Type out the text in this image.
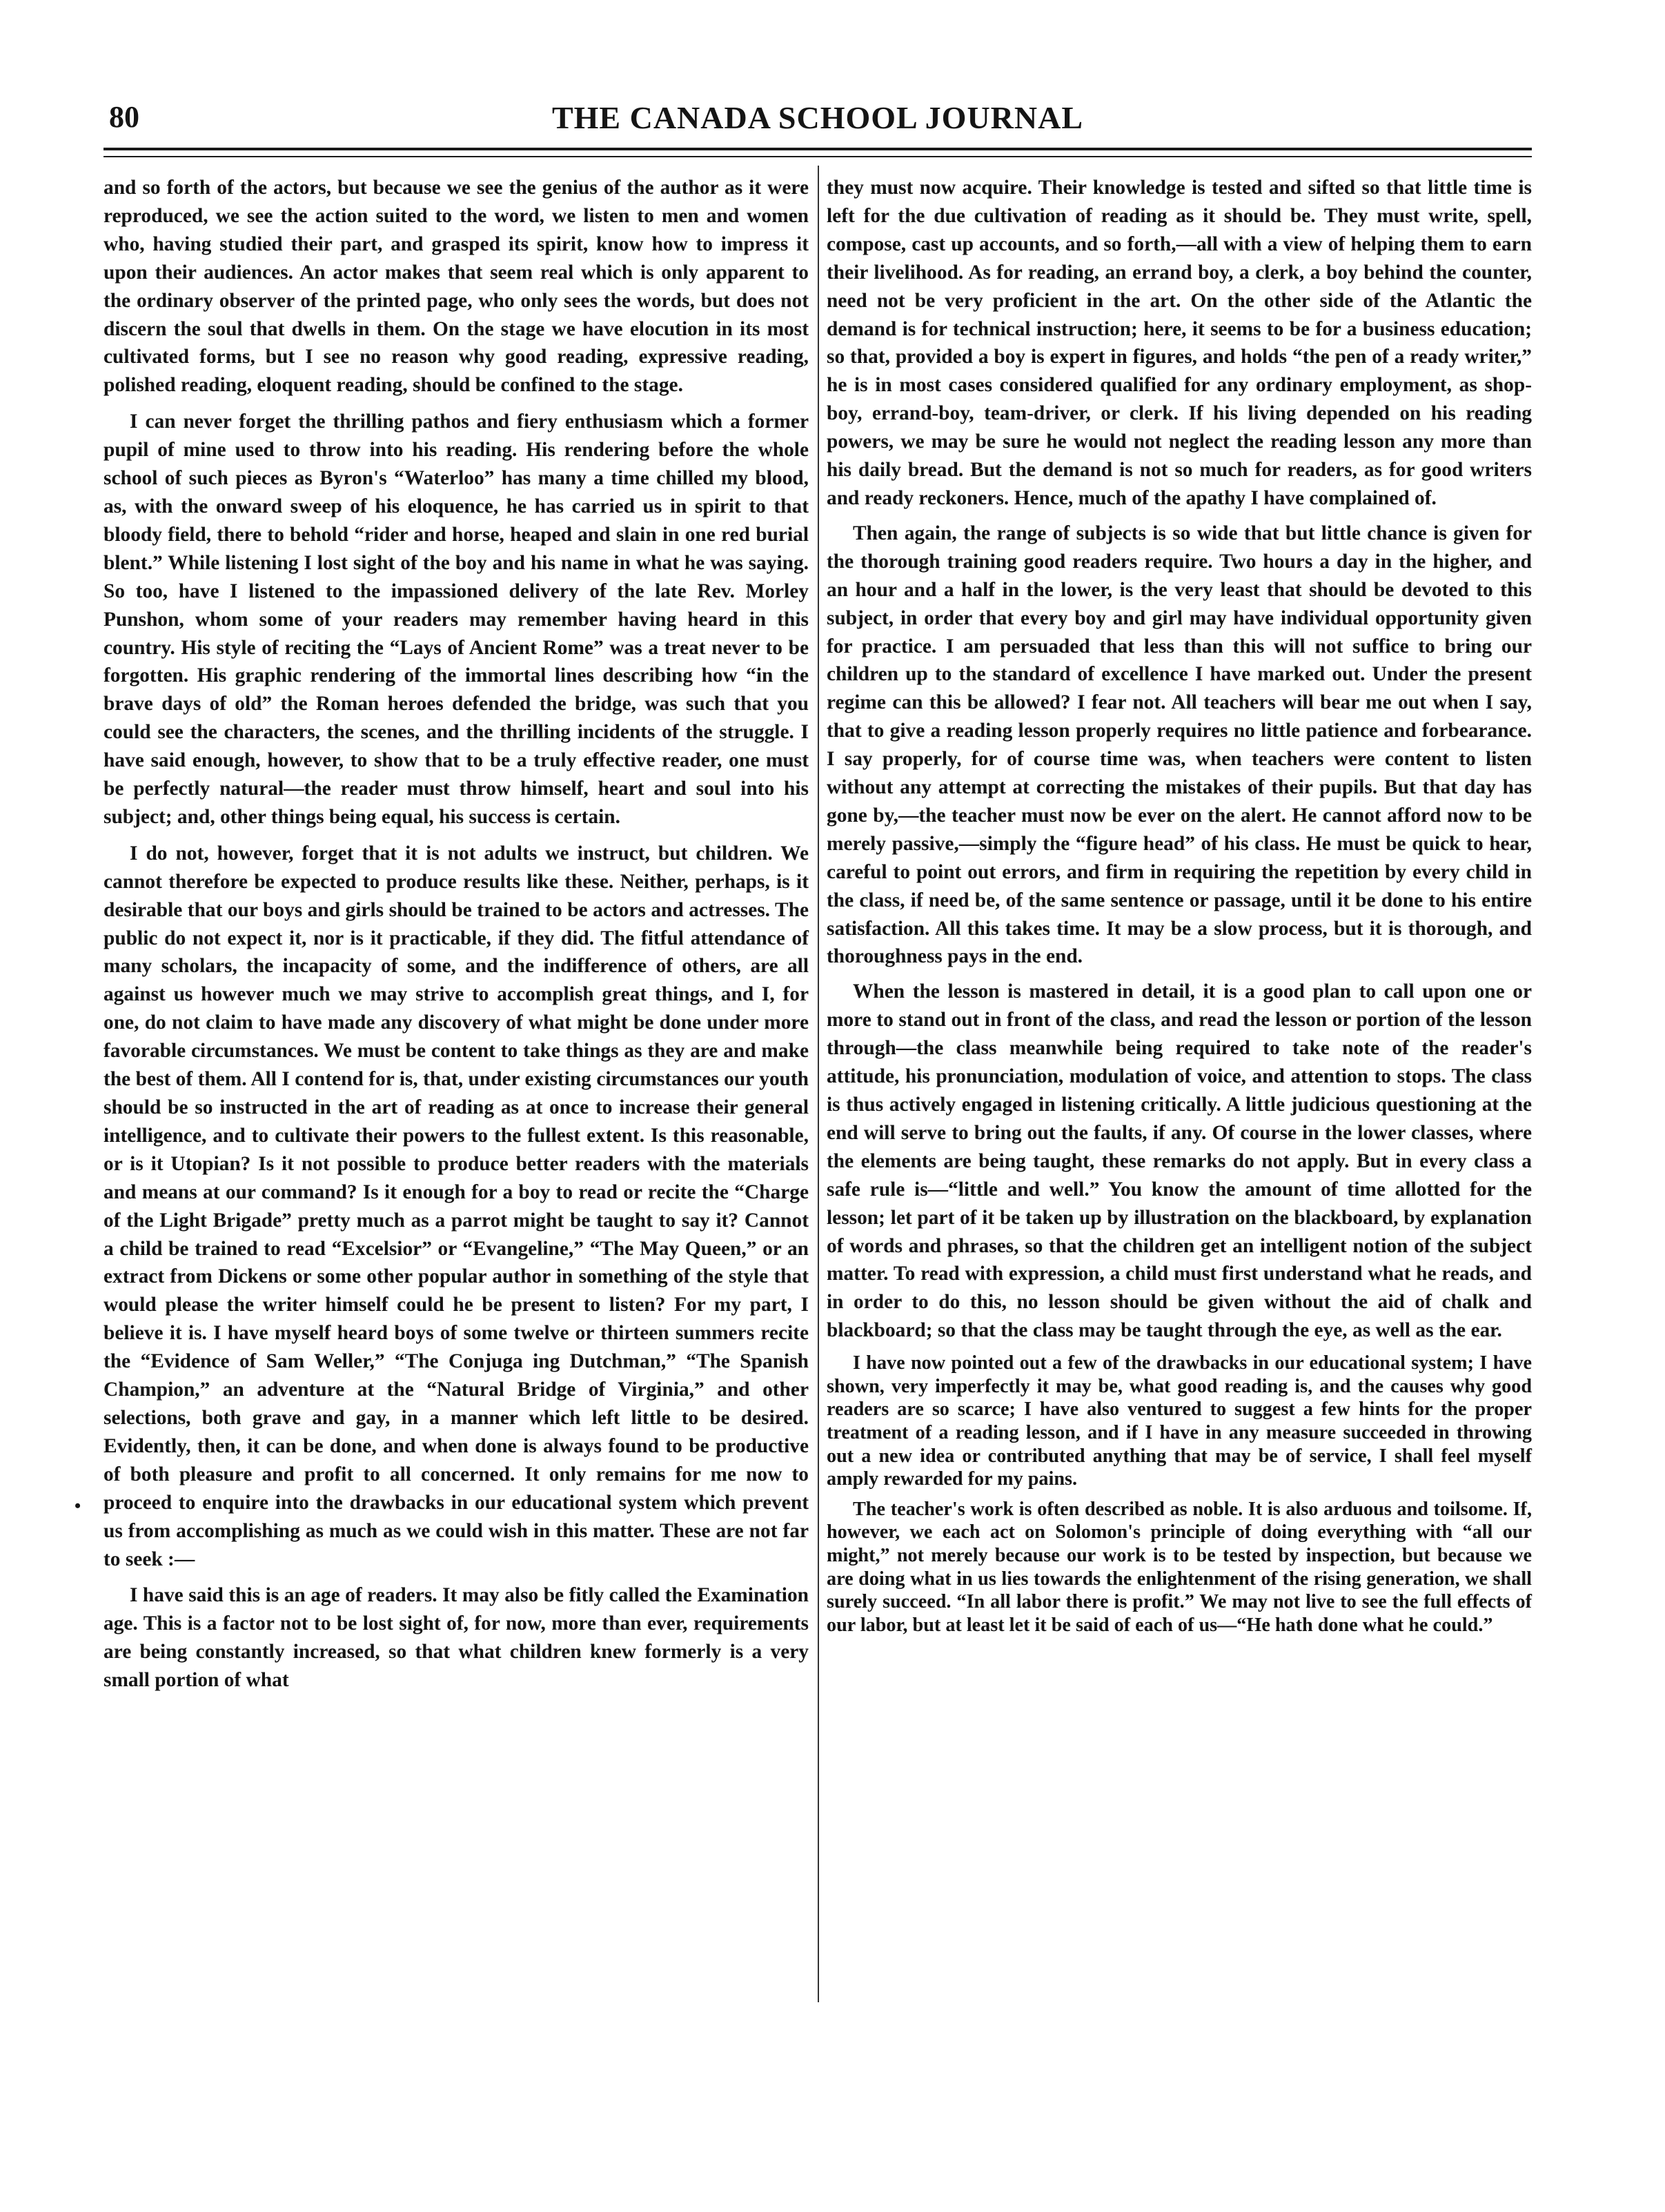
80	THE CANADA SCHOOL JOURNAL

and so forth of the actors, but because we see the genius of the author as it were reproduced, we see the action suited to the word, we listen to men and women who, having studied their part, and grasped its spirit, know how to impress it upon their audiences. An actor makes that seem real which is only apparent to the ordinary observer of the printed page, who only sees the words, but does not discern the soul that dwells in them. On the stage we have elocution in its most cultivated forms, but I see no reason why good reading, expressive reading, polished reading, eloquent reading, should be confined to the stage.

I can never forget the thrilling pathos and fiery enthusiasm which a former pupil of mine used to throw into his reading. His rendering before the whole school of such pieces as Byron's “Waterloo” has many a time chilled my blood, as, with the onward sweep of his eloquence, he has carried us in spirit to that bloody field, there to behold “rider and horse, heaped and slain in one red burial blent.” While listening I lost sight of the boy and his name in what he was saying. So too, have I listened to the impassioned delivery of the late Rev. Morley Punshon, whom some of your readers may remember having heard in this country. His style of reciting the “Lays of Ancient Rome” was a treat never to be forgotten. His graphic rendering of the immortal lines describing how “in the brave days of old” the Roman heroes defended the bridge, was such that you could see the characters, the scenes, and the thrilling incidents of the struggle. I have said enough, however, to show that to be a truly effective reader, one must be perfectly natural—the reader must throw himself, heart and soul into his subject; and, other things being equal, his success is certain.

I do not, however, forget that it is not adults we instruct, but children. We cannot therefore be expected to produce results like these. Neither, perhaps, is it desirable that our boys and girls should be trained to be actors and actresses. The public do not expect it, nor is it practicable, if they did. The fitful attendance of many scholars, the incapacity of some, and the indifference of others, are all against us however much we may strive to accomplish great things, and I, for one, do not claim to have made any discovery of what might be done under more favorable circumstances. We must be content to take things as they are and make the best of them. All I contend for is, that, under existing circumstances our youth should be so instructed in the art of reading as at once to increase their general intelligence, and to cultivate their powers to the fullest extent. Is this reasonable, or is it Utopian? Is it not possible to produce better readers with the materials and means at our command? Is it enough for a boy to read or recite the “Charge of the Light Brigade” pretty much as a parrot might be taught to say it? Cannot a child be trained to read “Excelsior” or “Evangeline,” “The May Queen,” or an extract from Dickens or some other popular author in something of the style that would please the writer himself could he be present to listen? For my part, I believe it is. I have myself heard boys of some twelve or thirteen summers recite the “Evidence of Sam Weller,” “The Conjuga ing Dutchman,” “The Spanish Champion,” an adventure at the “Natural Bridge of Virginia,” and other selections, both grave and gay, in a manner which left little to be desired. Evidently, then, it can be done, and when done is always found to be productive of both pleasure and profit to all concerned. It only remains for me now to proceed to enquire into the drawbacks in our educational system which prevent us from accomplishing as much as we could wish in this matter. These are not far to seek :—

I have said this is an age of readers. It may also be fitly called the Examination age. This is a factor not to be lost sight of, for now, more than ever, requirements are being constantly increased, so that what children knew formerly is a very small portion of what

they must now acquire. Their knowledge is tested and sifted so that little time is left for the due cultivation of reading as it should be. They must write, spell, compose, cast up accounts, and so forth,—all with a view of helping them to earn their livelihood. As for reading, an errand boy, a clerk, a boy behind the counter, need not be very proficient in the art. On the other side of the Atlantic the demand is for technical instruction; here, it seems to be for a business education; so that, provided a boy is expert in figures, and holds “the pen of a ready writer,” he is in most cases considered qualified for any ordinary employment, as shop-boy, errand-boy, team-driver, or clerk. If his living depended on his reading powers, we may be sure he would not neglect the reading lesson any more than his daily bread. But the demand is not so much for readers, as for good writers and ready reckoners. Hence, much of the apathy I have complained of.

Then again, the range of subjects is so wide that but little chance is given for the thorough training good readers require. Two hours a day in the higher, and an hour and a half in the lower, is the very least that should be devoted to this subject, in order that every boy and girl may have individual opportunity given for practice. I am persuaded that less than this will not suffice to bring our children up to the standard of excellence I have marked out. Under the present regime can this be allowed? I fear not. All teachers will bear me out when I say, that to give a reading lesson properly requires no little patience and forbearance. I say properly, for of course time was, when teachers were content to listen without any attempt at correcting the mistakes of their pupils. But that day has gone by,—the teacher must now be ever on the alert. He cannot afford now to be merely passive,—simply the “figure head” of his class. He must be quick to hear, careful to point out errors, and firm in requiring the repetition by every child in the class, if need be, of the same sentence or passage, until it be done to his entire satisfaction. All this takes time. It may be a slow process, but it is thorough, and thoroughness pays in the end.

When the lesson is mastered in detail, it is a good plan to call upon one or more to stand out in front of the class, and read the lesson or portion of the lesson through—the class meanwhile being required to take note of the reader's attitude, his pronunciation, modulation of voice, and attention to stops. The class is thus actively engaged in listening critically. A little judicious questioning at the end will serve to bring out the faults, if any. Of course in the lower classes, where the elements are being taught, these remarks do not apply. But in every class a safe rule is—“little and well.” You know the amount of time allotted for the lesson; let part of it be taken up by illustration on the blackboard, by explanation of words and phrases, so that the children get an intelligent notion of the subject matter. To read with expression, a child must first understand what he reads, and in order to do this, no lesson should be given without the aid of chalk and blackboard; so that the class may be taught through the eye, as well as the ear.

I have now pointed out a few of the drawbacks in our educational system; I have shown, very imperfectly it may be, what good reading is, and the causes why good readers are so scarce; I have also ventured to suggest a few hints for the proper treatment of a reading lesson, and if I have in any measure succeeded in throwing out a new idea or contributed anything that may be of service, I shall feel myself amply rewarded for my pains.

The teacher's work is often described as noble. It is also arduous and toilsome. If, however, we each act on Solomon's principle of doing everything with “all our might,” not merely because our work is to be tested by inspection, but because we are doing what in us lies towards the enlightenment of the rising generation, we shall surely succeed. “In all labor there is profit.” We may not live to see the full effects of our labor, but at least let it be said of each of us—“He hath done what he could.”

•
